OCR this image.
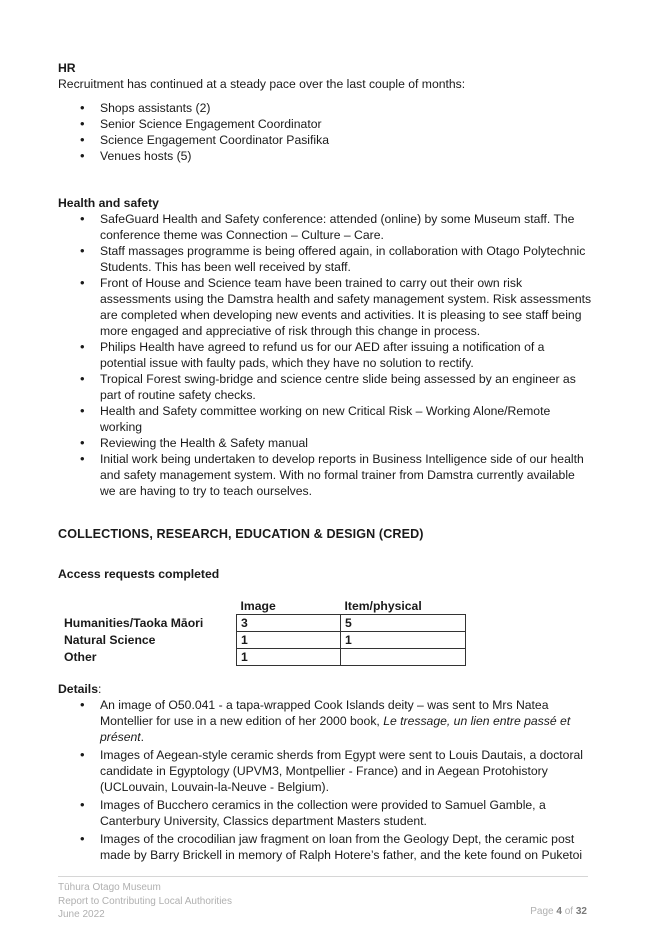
HR

Recruitment has continued at a steady pace over the last couple of months:

• Shops assistants (2)
• Senior Science Engagement Coordinator
• Science Engagement Coordinator Pasifika
• Venues hosts (5)

Health and safety

• SafeGuard Health and Safety conference: attended (online) by some Museum staff. The conference theme was Connection – Culture – Care.
• Staff massages programme is being offered again, in collaboration with Otago Polytechnic Students. This has been well received by staff.
• Front of House and Science team have been trained to carry out their own risk assessments using the Damstra health and safety management system. Risk assessments are completed when developing new events and activities. It is pleasing to see staff being more engaged and appreciative of risk through this change in process.
• Philips Health have agreed to refund us for our AED after issuing a notification of a potential issue with faulty pads, which they have no solution to rectify.
• Tropical Forest swing-bridge and science centre slide being assessed by an engineer as part of routine safety checks.
• Health and Safety committee working on new Critical Risk – Working Alone/Remote working
• Reviewing the Health & Safety manual
• Initial work being undertaken to develop reports in Business Intelligence side of our health and safety management system. With no formal trainer from Damstra currently available we are having to try to teach ourselves.
COLLECTIONS, RESEARCH, EDUCATION & DESIGN (CRED)
Access requests completed
	Image	Item/physical
Humanities/Taoka Māori	3	5
Natural Science	1	1
Other	1	

Details:

• An image of O50.041 - a tapa-wrapped Cook Islands deity – was sent to Mrs Natea Montellier for use in a new edition of her 2000 book, Le tressage, un lien entre passé et présent.
• Images of Aegean-style ceramic sherds from Egypt were sent to Louis Dautais, a doctoral candidate in Egyptology (UPVM3, Montpellier - France) and in Aegean Protohistory (UCLouvain, Louvain-la-Neuve - Belgium).
• Images of Bucchero ceramics in the collection were provided to Samuel Gamble, a Canterbury University, Classics department Masters student.
• Images of the crocodilian jaw fragment on loan from the Geology Dept, the ceramic post made by Barry Brickell in memory of Ralph Hotere’s father, and the kete found on Puketoi
Tūhura Otago Museum
Report to Contributing Local Authorities
June 2022	Page 4 of 32
